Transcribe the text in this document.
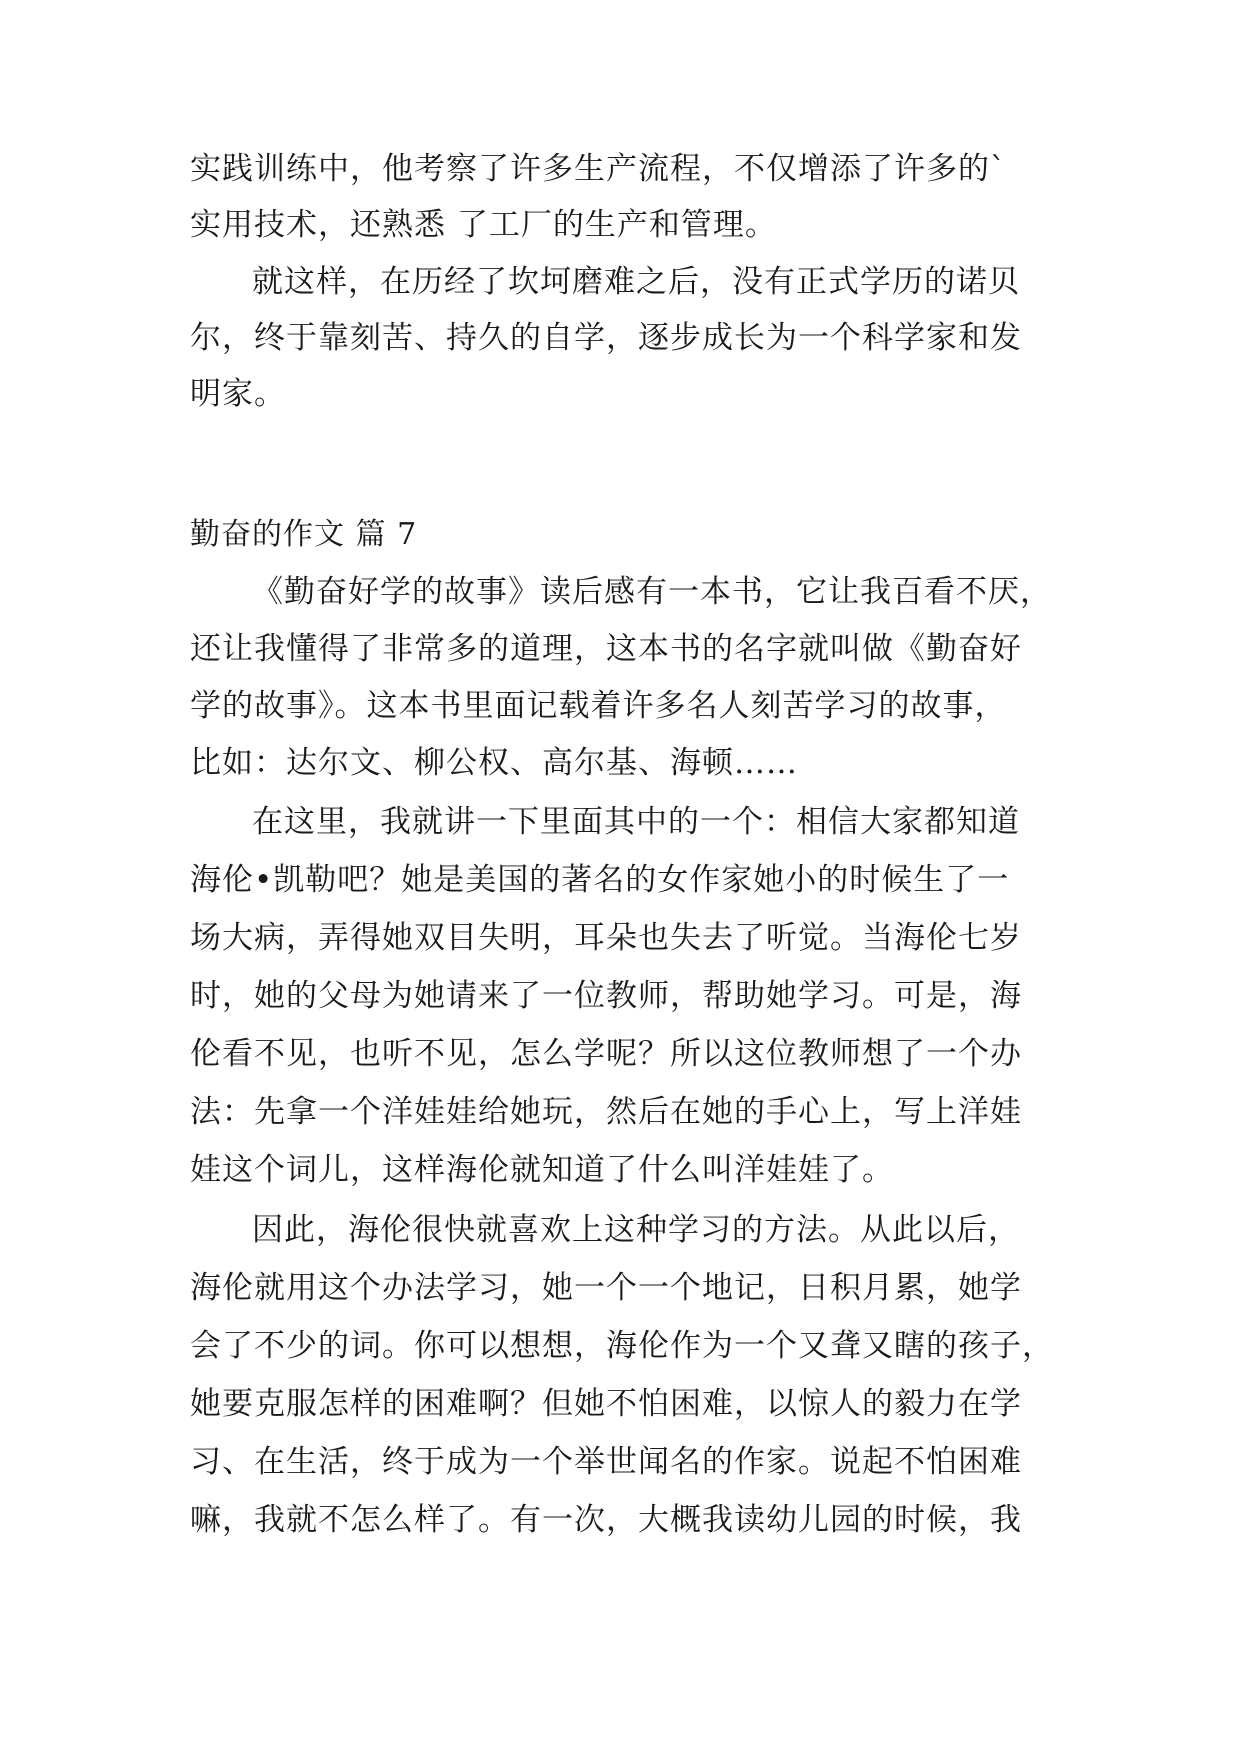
实践训练中，他考察了许多生产流程，不仅增添了许多的`
实用技术，还熟悉 了工厂的生产和管理。
就这样，在历经了坎坷磨难之后，没有正式学历的诺贝
尔，终于靠刻苦、持久的自学，逐步成长为一个科学家和发
明家。
勤奋的作文 篇 7
《勤奋好学的故事》读后感有一本书，它让我百看不厌，
还让我懂得了非常多的道理，这本书的名字就叫做《勤奋好
学的故事》。这本书里面记载着许多名人刻苦学习的故事，
比如：达尔文、柳公权、高尔基、海顿……
在这里，我就讲一下里面其中的一个：相信大家都知道
海伦•凯勒吧？她是美国的著名的女作家她小的时候生了一
场大病，弄得她双目失明，耳朵也失去了听觉。当海伦七岁
时，她的父母为她请来了一位教师，帮助她学习。可是，海
伦看不见，也听不见，怎么学呢？所以这位教师想了一个办
法：先拿一个洋娃娃给她玩，然后在她的手心上，写上洋娃
娃这个词儿，这样海伦就知道了什么叫洋娃娃了。
因此，海伦很快就喜欢上这种学习的方法。从此以后，
海伦就用这个办法学习，她一个一个地记，日积月累，她学
会了不少的词。你可以想想，海伦作为一个又聋又瞎的孩子，
她要克服怎样的困难啊？但她不怕困难，以惊人的毅力在学
习、在生活，终于成为一个举世闻名的作家。说起不怕困难
嘛，我就不怎么样了。有一次，大概我读幼儿园的时候，我
